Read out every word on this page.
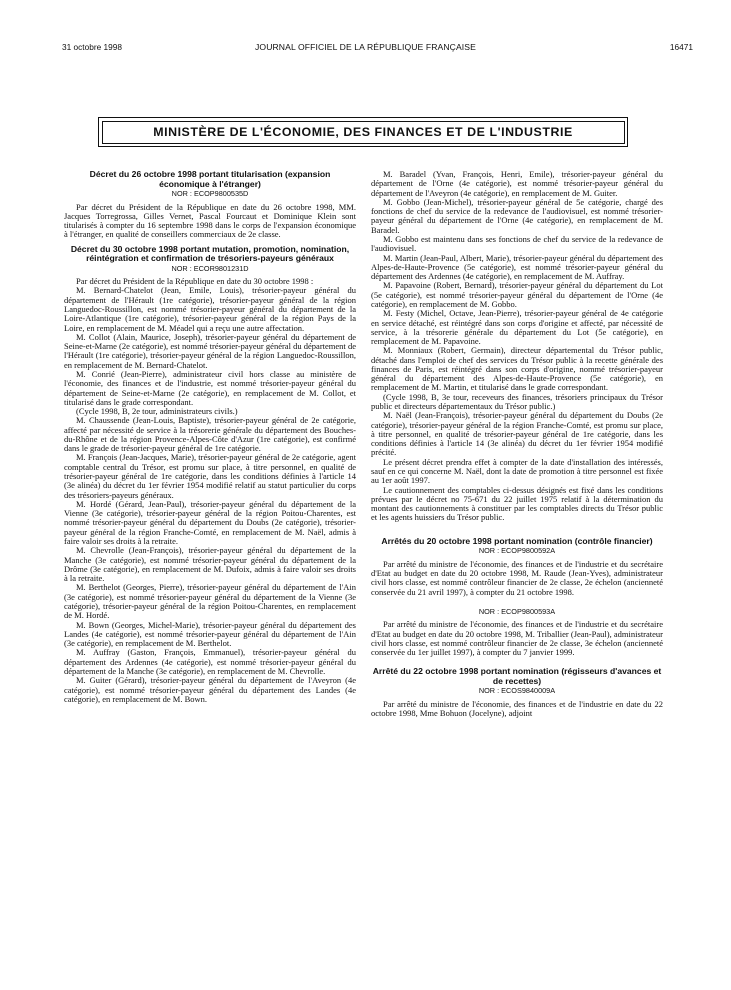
31 octobre 1998	JOURNAL OFFICIEL DE LA RÉPUBLIQUE FRANÇAISE	16471
MINISTÈRE DE L'ÉCONOMIE, DES FINANCES ET DE L'INDUSTRIE
Décret du 26 octobre 1998 portant titularisation (expansion économique à l'étranger)
NOR : ECOP9800535D

Par décret du Président de la République en date du 26 octobre 1998, MM. Jacques Torregrossa, Gilles Vernet, Pascal Fourcaut et Dominique Klein sont titularisés à compter du 16 septembre 1998 dans le corps de l'expansion économique à l'étranger, en qualité de conseillers commerciaux de 2e classe.

Décret du 30 octobre 1998 portant mutation, promotion, nomination, réintégration et confirmation de trésoriers-payeurs généraux
NOR : ECOR9801231D

Par décret du Président de la République en date du 30 octobre 1998 :

M. Bernard-Chatelot (Jean, Emile, Louis), trésorier-payeur général du département de l'Hérault (1re catégorie), trésorier-payeur général de la région Languedoc-Roussillon, est nommé trésorier-payeur général du département de la Loire-Atlantique (1re catégorie), trésorier-payeur général de la région Pays de la Loire, en remplacement de M. Méadel qui a reçu une autre affectation.

M. Collot (Alain, Maurice, Joseph), trésorier-payeur général du département de Seine-et-Marne (2e catégorie), est nommé trésorier-payeur général du département de l'Hérault (1re catégorie), trésorier-payeur général de la région Languedoc-Roussillon, en remplacement de M. Bernard-Chatelot.

M. Conrié (Jean-Pierre), administrateur civil hors classe au ministère de l'économie, des finances et de l'industrie, est nommé trésorier-payeur général du département de Seine-et-Marne (2e catégorie), en remplacement de M. Collot, et titularisé dans le grade correspondant.

(Cycle 1998, B, 2e tour, administrateurs civils.)

M. Chaussende (Jean-Louis, Baptiste), trésorier-payeur général de 2e catégorie, affecté par nécessité de service à la trésorerie générale du département des Bouches-du-Rhône et de la région Provence-Alpes-Côte d'Azur (1re catégorie), est confirmé dans le grade de trésorier-payeur général de 1re catégorie.

M. François (Jean-Jacques, Marie), trésorier-payeur général de 2e catégorie, agent comptable central du Trésor, est promu sur place, à titre personnel, en qualité de trésorier-payeur général de 1re catégorie, dans les conditions définies à l'article 14 (3e alinéa) du décret du 1er février 1954 modifié relatif au statut particulier du corps des trésoriers-payeurs généraux.

M. Hordé (Gérard, Jean-Paul), trésorier-payeur général du département de la Vienne (3e catégorie), trésorier-payeur général de la région Poitou-Charentes, est nommé trésorier-payeur général du département du Doubs (2e catégorie), trésorier-payeur général de la région Franche-Comté, en remplacement de M. Naël, admis à faire valoir ses droits à la retraite.

M. Chevrolle (Jean-François), trésorier-payeur général du département de la Manche (3e catégorie), est nommé trésorier-payeur général du département de la Drôme (3e catégorie), en remplacement de M. Dufoix, admis à faire valoir ses droits à la retraite.

M. Berthelot (Georges, Pierre), trésorier-payeur général du département de l'Ain (3e catégorie), est nommé trésorier-payeur général du département de la Vienne (3e catégorie), trésorier-payeur général de la région Poitou-Charentes, en remplacement de M. Hordé.

M. Bown (Georges, Michel-Marie), trésorier-payeur général du département des Landes (4e catégorie), est nommé trésorier-payeur général du département de l'Ain (3e catégorie), en remplacement de M. Berthelot.

M. Auffray (Gaston, François, Emmanuel), trésorier-payeur général du département des Ardennes (4e catégorie), est nommé trésorier-payeur général du département de la Manche (3e catégorie), en remplacement de M. Chevrolle.

M. Guiter (Gérard), trésorier-payeur général du département de l'Aveyron (4e catégorie), est nommé trésorier-payeur général du département des Landes (4e catégorie), en remplacement de M. Bown.

M. Baradel (Yvan, François, Henri, Emile), trésorier-payeur général du département de l'Orne (4e catégorie), est nommé trésorier-payeur général du département de l'Aveyron (4e catégorie), en remplacement de M. Guiter.

M. Gobbo (Jean-Michel), trésorier-payeur général de 5e catégorie, chargé des fonctions de chef du service de la redevance de l'audiovisuel, est nommé trésorier-payeur général du département de l'Orne (4e catégorie), en remplacement de M. Baradel.

M. Gobbo est maintenu dans ses fonctions de chef du service de la redevance de l'audiovisuel.

M. Martin (Jean-Paul, Albert, Marie), trésorier-payeur général du département des Alpes-de-Haute-Provence (5e catégorie), est nommé trésorier-payeur général du département des Ardennes (4e catégorie), en remplacement de M. Auffray.

M. Papavoine (Robert, Bernard), trésorier-payeur général du département du Lot (5e catégorie), est nommé trésorier-payeur général du département de l'Orne (4e catégorie), en remplacement de M. Gobbo.

M. Festy (Michel, Octave, Jean-Pierre), trésorier-payeur général de 4e catégorie en service détaché, est réintégré dans son corps d'origine et affecté, par nécessité de service, à la trésorerie générale du département du Lot (5e catégorie), en remplacement de M. Papavoine.

M. Monniaux (Robert, Germain), directeur départemental du Trésor public, détaché dans l'emploi de chef des services du Trésor public à la recette générale des finances de Paris, est réintégré dans son corps d'origine, nommé trésorier-payeur général du département des Alpes-de-Haute-Provence (5e catégorie), en remplacement de M. Martin, et titularisé dans le grade correspondant.

(Cycle 1998, B, 3e tour, receveurs des finances, trésoriers principaux du Trésor public et directeurs départementaux du Trésor public.)

M. Naël (Jean-François), trésorier-payeur général du département du Doubs (2e catégorie), trésorier-payeur général de la région Franche-Comté, est promu sur place, à titre personnel, en qualité de trésorier-payeur général de 1re catégorie, dans les conditions définies à l'article 14 (3e alinéa) du décret du 1er février 1954 modifié précité.

Le présent décret prendra effet à compter de la date d'installation des intéressés, sauf en ce qui concerne M. Naël, dont la date de promotion à titre personnel est fixée au 1er août 1997.

Le cautionnement des comptables ci-dessus désignés est fixé dans les conditions prévues par le décret no 75-671 du 22 juillet 1975 relatif à la détermination du montant des cautionnements à constituer par les comptables directs du Trésor public et les agents huissiers du Trésor public.

Arrêtés du 20 octobre 1998 portant nomination (contrôle financier)
NOR : ECOP9800592A

Par arrêté du ministre de l'économie, des finances et de l'industrie et du secrétaire d'Etat au budget en date du 20 octobre 1998, M. Raude (Jean-Yves), administrateur civil hors classe, est nommé contrôleur financier de 2e classe, 2e échelon (ancienneté conservée du 21 avril 1997), à compter du 21 octobre 1998.

NOR : ECOP9800593A

Par arrêté du ministre de l'économie, des finances et de l'industrie et du secrétaire d'Etat au budget en date du 20 octobre 1998, M. Triballier (Jean-Paul), administrateur civil hors classe, est nommé contrôleur financier de 2e classe, 3e échelon (ancienneté conservée du 1er juillet 1997), à compter du 7 janvier 1999.

Arrêté du 22 octobre 1998 portant nomination (régisseurs d'avances et de recettes)
NOR : ECOS9840009A

Par arrêté du ministre de l'économie, des finances et de l'industrie en date du 22 octobre 1998, Mme Bohuon (Jocelyne), adjoint
